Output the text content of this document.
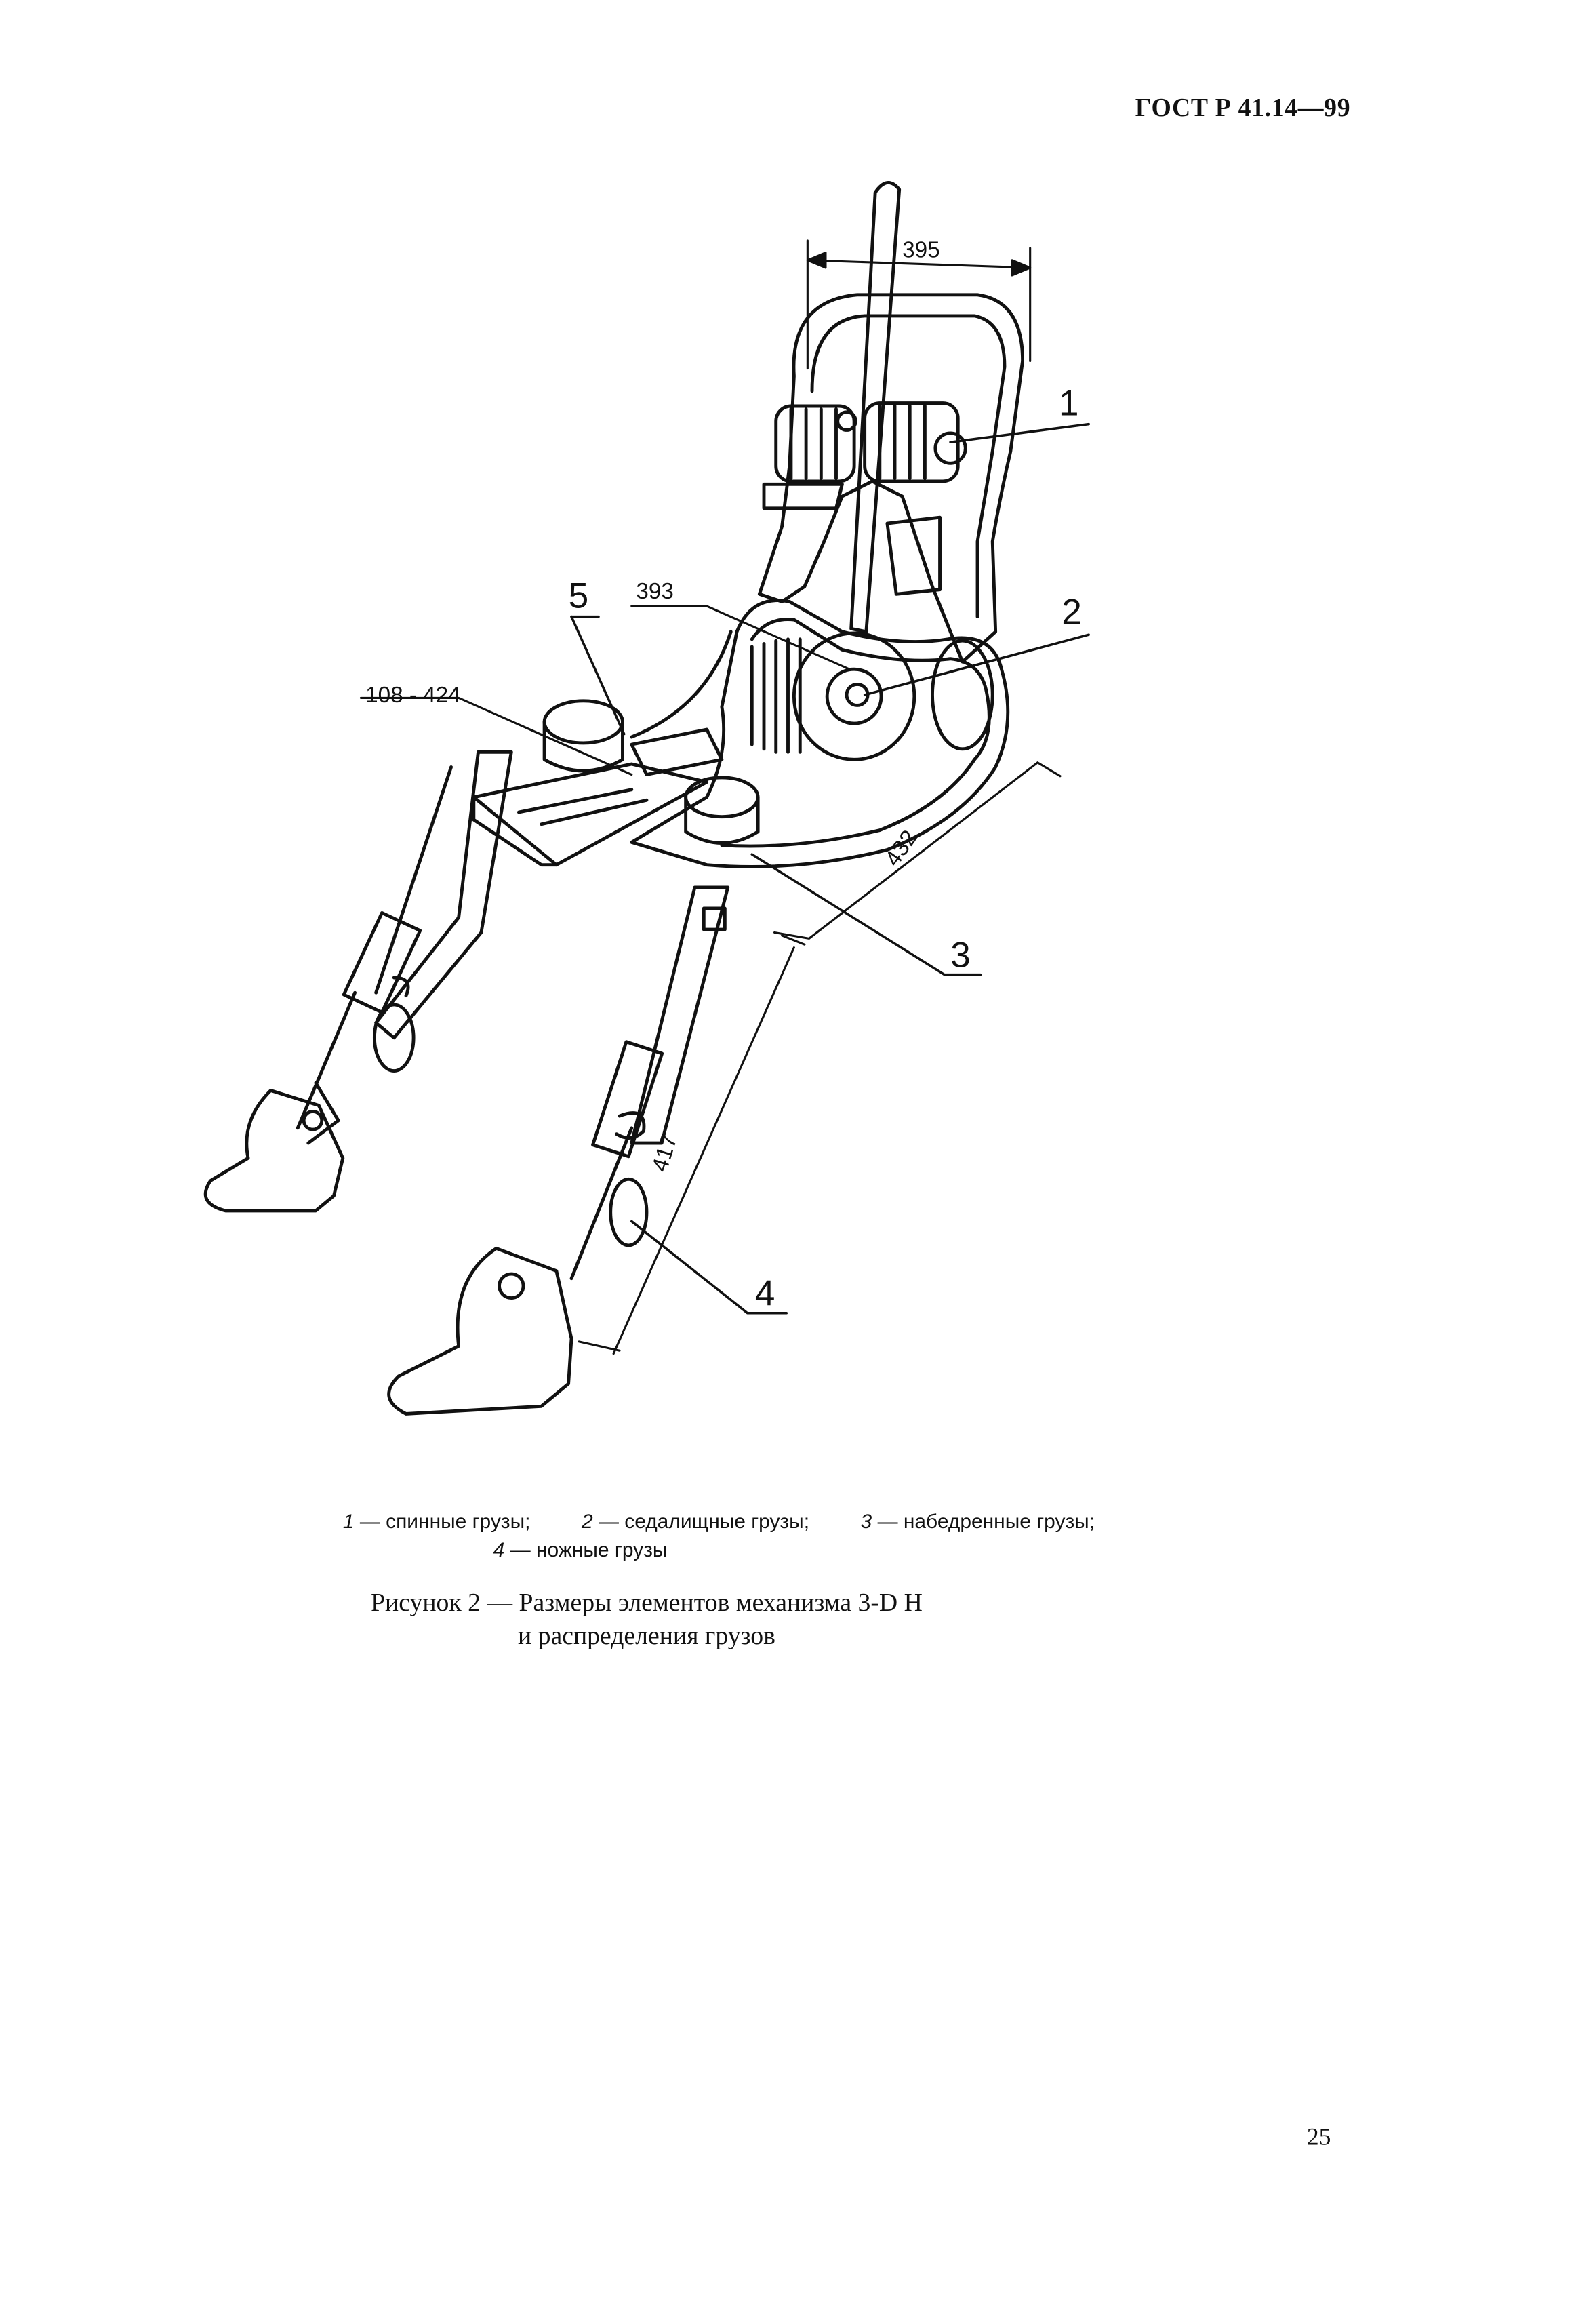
ГОСТ Р 41.14—99
395
393
108 - 424
432
417
1
2
3
4
5
1 — спинные грузы;	2 — седалищные грузы;	3 — набедренные грузы;
4 — ножные грузы
Рисунок 2 — Размеры элементов механизма 3-D H
и распределения грузов
25
